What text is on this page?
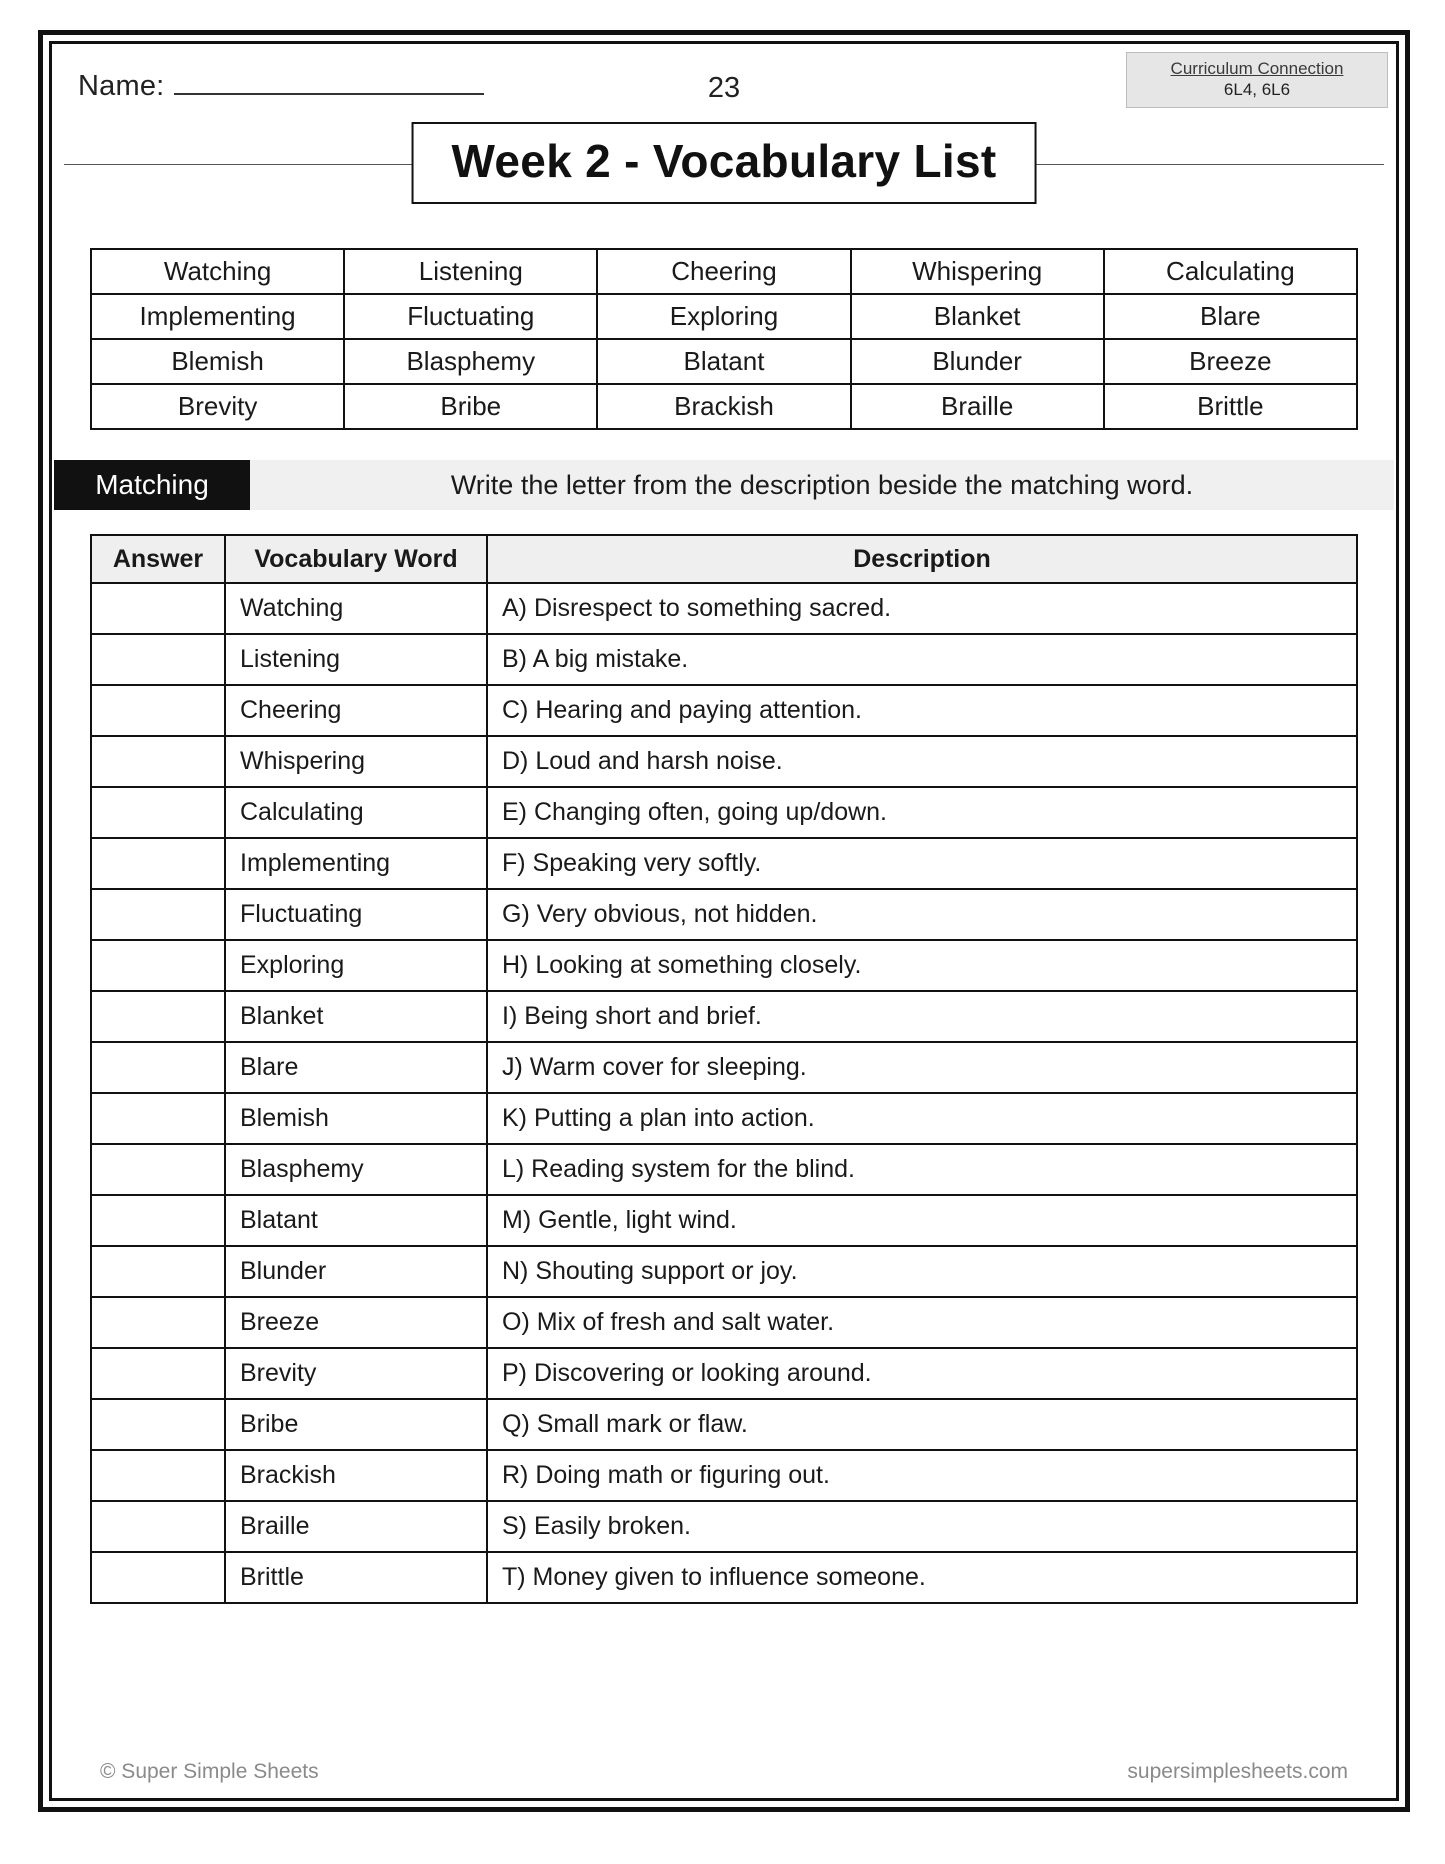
Name:	23
Curriculum Connection
6L4, 6L6
Week 2 - Vocabulary List
Watching	Listening	Cheering	Whispering	Calculating
Implementing	Fluctuating	Exploring	Blanket	Blare
Blemish	Blasphemy	Blatant	Blunder	Breeze
Brevity	Bribe	Brackish	Braille	Brittle
Matching	Write the letter from the description beside the matching word.
Answer	Vocabulary Word	Description
	Watching	A) Disrespect to something sacred.
	Listening	B) A big mistake.
	Cheering	C) Hearing and paying attention.
	Whispering	D) Loud and harsh noise.
	Calculating	E) Changing often, going up/down.
	Implementing	F) Speaking very softly.
	Fluctuating	G) Very obvious, not hidden.
	Exploring	H) Looking at something closely.
	Blanket	I) Being short and brief.
	Blare	J) Warm cover for sleeping.
	Blemish	K) Putting a plan into action.
	Blasphemy	L) Reading system for the blind.
	Blatant	M) Gentle, light wind.
	Blunder	N) Shouting support or joy.
	Breeze	O) Mix of fresh and salt water.
	Brevity	P) Discovering or looking around.
	Bribe	Q) Small mark or flaw.
	Brackish	R) Doing math or figuring out.
	Braille	S) Easily broken.
	Brittle	T) Money given to influence someone.
© Super Simple Sheets	supersimplesheets.com
